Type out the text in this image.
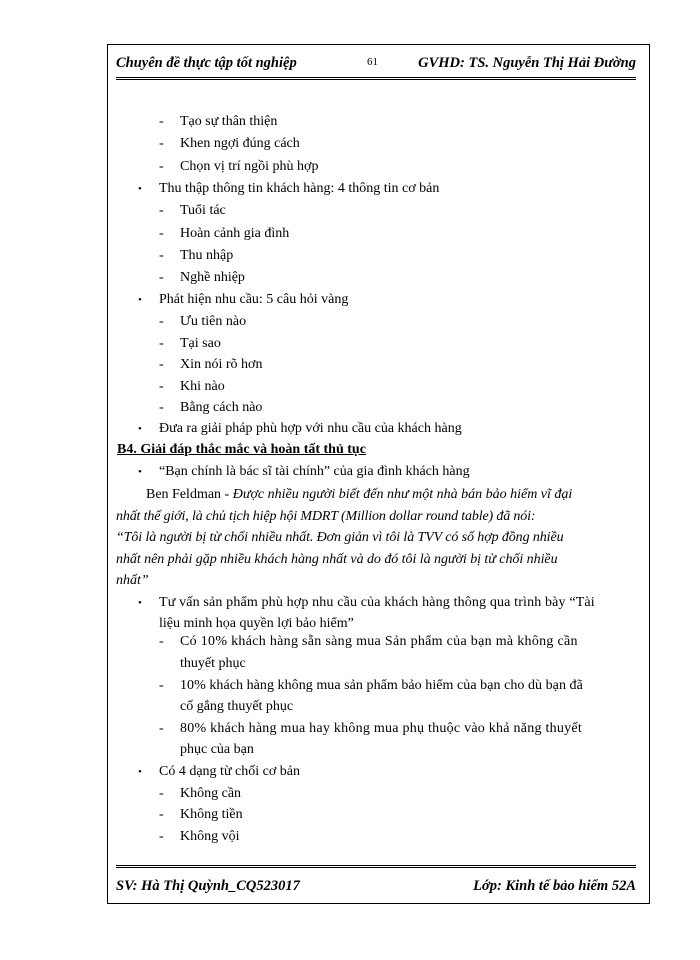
Chuyên đề thực tập tốt nghiệp	61	GVHD: TS. Nguyễn Thị Hải Đường
- Tạo sự thân thiện
- Khen ngợi đúng cách
- Chọn vị trí ngồi phù hợp
• Thu thập thông tin khách hàng: 4 thông tin cơ bản
- Tuổi tác
- Hoàn cảnh gia đình
- Thu nhập
- Nghề nhiệp
• Phát hiện nhu cầu: 5 câu hỏi vàng
- Ưu tiên nào
- Tại sao
- Xin nói rõ hơn
- Khi nào
- Bằng cách nào
• Đưa ra giải pháp phù hợp với nhu cầu của khách hàng
B4. Giải đáp thắc mắc và hoàn tất thủ tục
• “Bạn chính là bác sĩ tài chính” của gia đình khách hàng
Ben Feldman - Được nhiều người biết đến như một nhà bán bảo hiểm vĩ đại
nhất thế giới, là chủ tịch hiệp hội MDRT (Million dollar round table) đã nói:
“Tôi là người bị từ chối nhiều nhất. Đơn giản vì tôi là TVV có số hợp đồng nhiều
nhất nên phải gặp nhiều khách hàng nhất và do đó tôi là người bị từ chối nhiều
nhất”
• Tư vấn sản phẩm phù hợp nhu cầu của khách hàng thông qua trình bày “Tài
liệu minh họa quyền lợi bảo hiểm”
- Có 10% khách hàng sẵn sàng mua Sản phẩm của bạn mà không cần
thuyết phục
- 10% khách hàng không mua sản phẩm bảo hiểm của bạn cho dù bạn đã
cố gắng thuyết phục
- 80% khách hàng mua hay không mua phụ thuộc vào khả năng thuyết
phục của bạn
• Có 4 dạng từ chối cơ bản
- Không cần
- Không tiền
- Không vội
SV: Hà Thị Quỳnh_CQ523017	Lớp: Kinh tế bảo hiểm 52A
